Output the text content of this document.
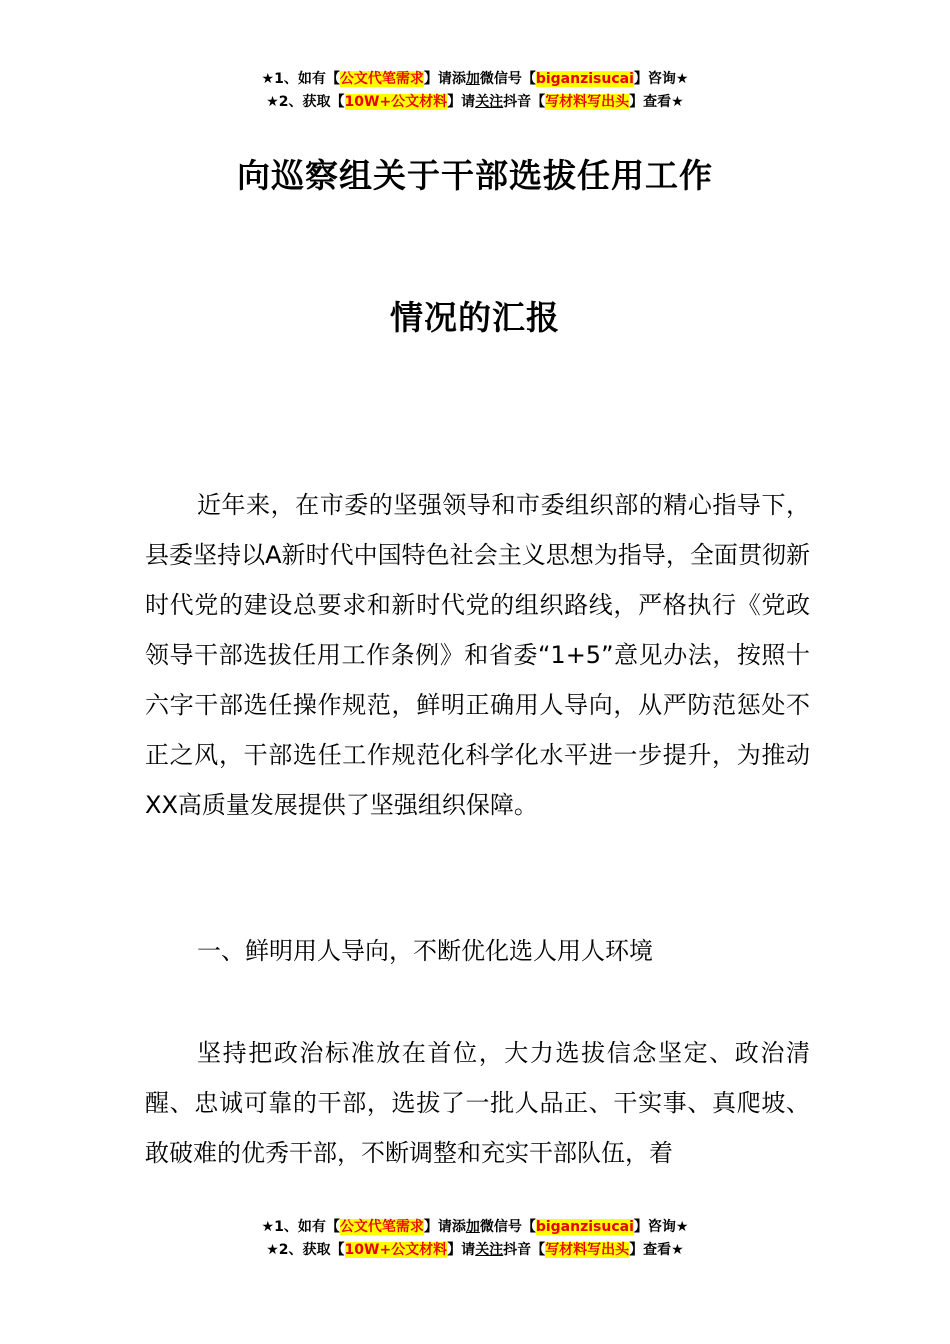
★1、如有【公文代笔需求】请添加微信号【biganzisucai】咨询★
★2、获取【10W+公文材料】请关注抖音【写材料写出头】查看★
向巡察组关于干部选拔任用工作
情况的汇报

近年来，在市委的坚强领导和市委组织部的精心指导下，县委坚持以A新时代中国特色社会主义思想为指导，全面贯彻新时代党的建设总要求和新时代党的组织路线，严格执行《党政领导干部选拔任用工作条例》和省委“1+5”意见办法，按照十六字干部选任操作规范，鲜明正确用人导向，从严防范惩处不正之风，干部选任工作规范化科学化水平进一步提升，为推动XX高质量发展提供了坚强组织保障。

一、鲜明用人导向，不断优化选人用人环境

坚持把政治标准放在首位，大力选拔信念坚定、政治清醒、忠诚可靠的干部，选拔了一批人品正、干实事、真爬坡、敢破难的优秀干部，不断调整和充实干部队伍，着

★1、如有【公文代笔需求】请添加微信号【biganzisucai】咨询★
★2、获取【10W+公文材料】请关注抖音【写材料写出头】查看★
